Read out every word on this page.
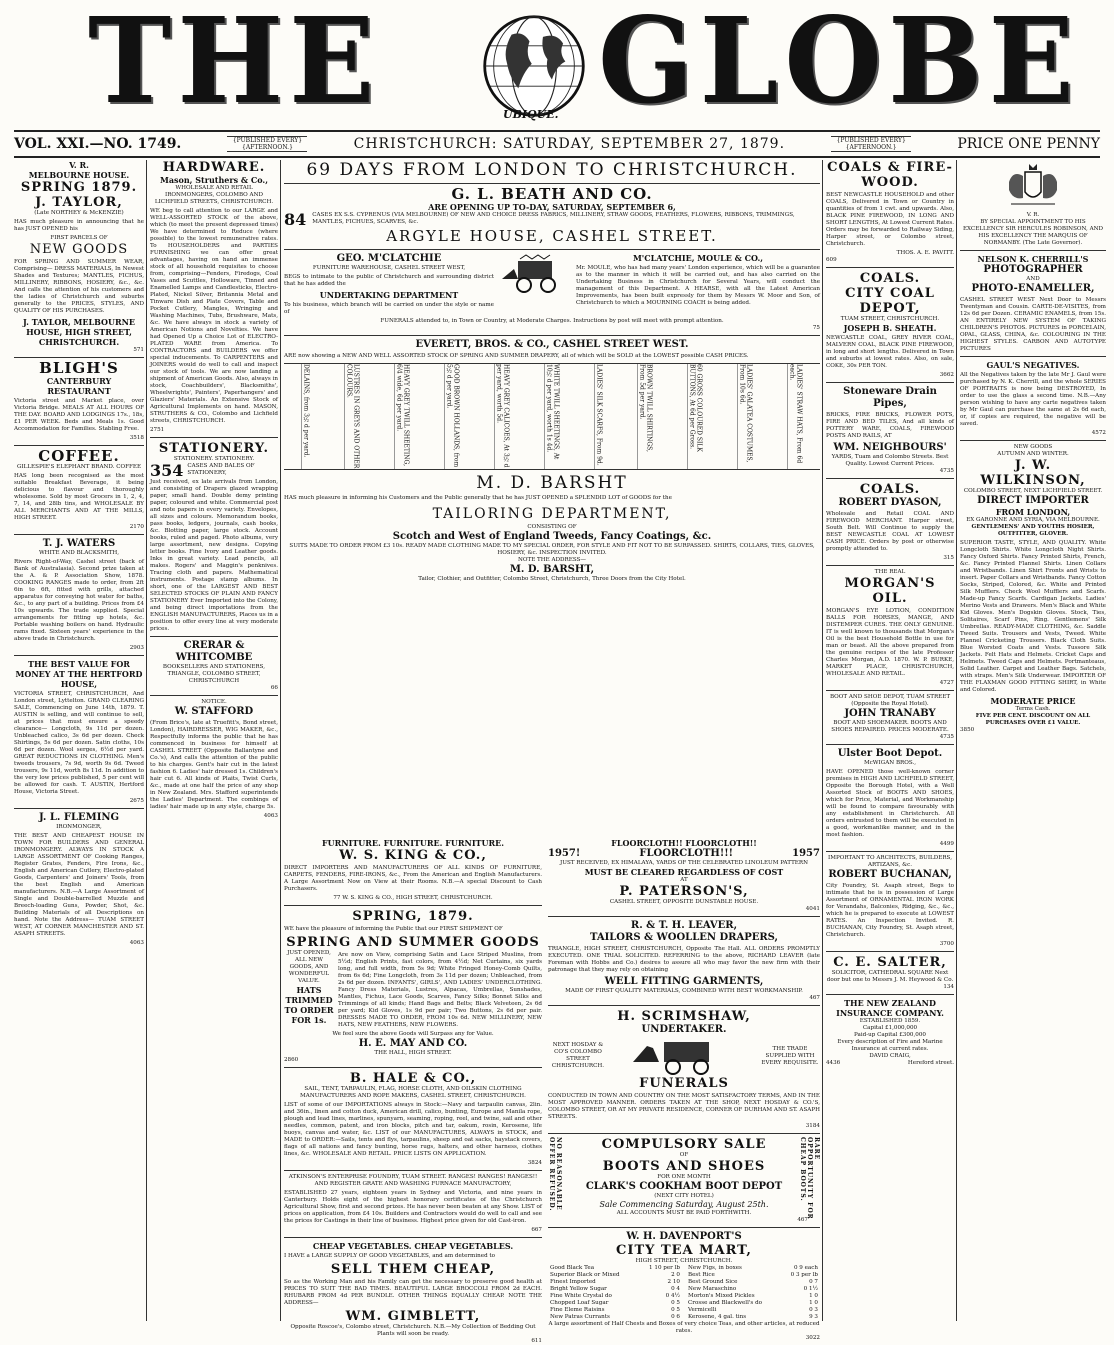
THE	UBIQUE. GLOBE
VOL. XXI.—NO. 1749.	{PUBLISHED EVERY} {AFTERNOON.}	CHRISTCHURCH: SATURDAY, SEPTEMBER 27, 1879.	{PUBLISHED EVERY} {AFTERNOON.}	PRICE ONE PENNY
V. R.
MELBOURNE HOUSE.
SPRING 1879.
J. TAYLOR,
(Late NORTHEY & McKENZIE)
HAS much pleasure in announcing that he has JUST OPENED his
FIRST PARCELS OF
NEW GOODS
FOR SPRING AND SUMMER WEAR, Comprising— DRESS MATERIALS, In Newest Shades and Textures; MANTLES, FICHUS, MILLINERY, RIBBONS, HOSIERY, &c., &c. And calls the attention of his customers and the ladies of Christchurch and suburbs generally to the PRICES, STYLES, AND QUALITY OF HIS PURCHASES.
J. TAYLOR, MELBOURNE HOUSE, HIGH STREET, CHRISTCHURCH.
571
BLIGH'S
CANTERBURY RESTAURANT
Victoria street and Market place, over Victoria Bridge. MEALS AT ALL HOURS OF THE DAY. BOARD AND LODGINGS 17s., 18s, £1 PER WEEK. Beds and Meals 1s. Good Accommodation for Families. Stabling Free.
3518
COFFEE.
GILLESPIE'S ELEPHANT BRAND. COFFEE
HAS long been recognised as the most suitable Breakfast Beverage, it being delicious to flavour and thoroughly wholesome. Sold by most Grocers in 1, 2, 4, 7, 14, and 28lb tins, and WHOLESALE BY ALL MERCHANTS AND AT THE MILLS, HIGH STREET.
2170
T. J. WATERS
WHITE AND BLACKSMITH,
Rivers Right-of-Way, Cashel street (back of Bank of Australasia). Second prize taken at the A. & P. Association Show, 1878. COOKING RANGES made to order, from 2ft 6in to 6ft, fitted with grills, attached apparatus for conveying hot water for baths, &c., to any part of a building. Prices from £4 10s upwards. The trade supplied. Special arrangements for fitting up hotels, &c. Portable washing boilers on hand. Hydraulic rams fixed. Sixteen years' experience in the above trade in Christchurch.
2903
THE BEST VALUE FOR MONEY AT THE HERTFORD HOUSE,
VICTORIA STREET, CHRISTCHURCH, And London street, Lyttelton. GRAND CLEARING SALE, Commencing on June 14th, 1879. T. AUSTIN is selling, and will continue to sell, at prices that must ensure a speedy clearance— Longcloth, 9s 11d per dozen. Unbleached calico, 3s 6d per dozen. Check Shirtings, 5s 6d per dozen. Satin cloths, 10s 6d per dozen. Wool serges, 6½d per yard. GREAT REDUCTIONS IN CLOTHING. Men's tweeds trousers, 7s 9d, worth 9s 6d. Tweed trousers, 9s 11d, worth 8s 11d. In addition to the very low prices published, 5 per cent will be allowed for cash. T. AUSTIN, Hertford House, Victoria Street.
2675
J. L. FLEMING
IRONMONGER,
THE BEST AND CHEAPEST HOUSE IN TOWN FOR BUILDERS AND GENERAL IRONMONGERY. ALWAYS IN STOCK A LARGE ASSORTMENT OF Cooking Ranges, Register Grates, Fenders, Fire Irons, &c., English and American Cutlery, Electro-plated Goods, Carpenters' and Joiners' Tools, from the best English and American manufacturers. N.B.—A Large Assortment of Single and Double-barrelled Muzzle and Breech-loading Guns, Powder, Shot, &c. Building Materials of all Descriptions on hand. Note the Address— TUAM STREET WEST, AT CORNER MANCHESTER AND ST. ASAPH STREETS.
4063
HARDWARE.
Mason, Struthers & Co.,
WHOLESALE AND RETAIL IRONMONGERS, COLOMBO AND LICHFIELD STREETS, CHRISTCHURCH.
WE beg to call attention to our LARGE and WELL-ASSORTED STOCK of the above, which (to meet the present depressed times) We have determined to Reduce (where possible) to the lowest remunerative rates. To HOUSEHOLDERS and PARTIES FURNISHING we can offer great advantages, having on hand an immense stock of all household requisites to choose from, comprising—Fenders, Firedogs, Coal Vases and Scuttles, Holloware, Tinned and Enamelled Lamps and Candlesticks, Electro-Plated, Nickel Silver, Britannia Metal and Tinware Dish and Plate Covers, Table and Pocket Cutlery, Mangles, Wringing and Washing Machines, Tubs, Brushware, Mats, &c. We have always in stock a variety of American Notions and Novelties. We have had Opened Up a Choice Lot of ELECTRO-PLATED WARE from America. To CONTRACTORS and BUILDERS we offer special inducements. To CARPENTERS and JOINERS would do well to call and inspect our stock of tools. We are now landing a shipment of American Goods. Also, always in stock, Coachbuilders', Blacksmiths', Wheelwrights', Painters', Paperhangers' and Glaziers' Materials. An Extensive Stock of Agricultural Implements on hand. MASON, STRUTHERS & CO., Colombo and Lichfield streets, CHRISTCHURCH.
2751
STATIONERY.
STATIONERY. STATIONERY.
354 CASES AND BALES OF STATIONERY,
Just received, ex late arrivals from London, and consisting of Drapers glazed wrapping paper, small hand. Double demy printing paper, coloured and white. Commercial post and note papers in every variety. Envelopes, all sizes and colours. Memorandum books, pass books, ledgers, journals, cash books, &c. Blotting paper, large stock. Account books, ruled and paged. Photo albums, very large assortment, new designs. Copying letter books. Fine Ivory and Leather goods. Inks in great variety. Lead pencils, all makes. Rogers' and Maggin's penknives. Tracing cloth and papers. Mathematical instruments. Postage stamp albums. In short, one of the LARGEST AND BEST SELECTED STOCKS OF PLAIN AND FANCY STATIONERY Ever Imported into the Colony, and being direct importations from the ENGLISH MANUFACTURERS, Places us in a position to offer every line at very moderate prices.
CRERAR & WHITCOMBE
BOOKSELLERS AND STATIONERS, TRIANGLE, COLOMBO STREET, CHRISTCHURCH
66
NOTICE.
W. STAFFORD
(From Brice's, late at Truefitt's, Bond street, London), HAIRDRESSER, WIG MAKER, &c., Respectfully informs the public that he has commenced in business for himself at CASHEL STREET (Opposite Ballantyne and Co.'s), And calls the attention of the public to his charges. Gent's hair cut in the latest fashion 6. Ladies' hair dressed 1s. Children's hair cut 6. All kinds of Plaits, Twist Curls, &c., made at one half the price of any shop in New Zealand. Mrs. Stafford superintends the Ladies' Department. The combings of ladies' hair made up in any style, charge 5s.
4063
69 DAYS FROM LONDON TO CHRISTCHURCH.
G. L. BEATH AND CO.
ARE OPENING UP TO-DAY, SATURDAY, SEPTEMBER 6,
84 CASES EX S.S. CYPRENUS (VIA MELBOURNE) OF NEW AND CHOICE DRESS FABRICS, MILLINERY, STRAW GOODS, FEATHERS, FLOWERS, RIBBONS, TRIMMINGS, MANTLES, FICHUES, SCARVES, &c.
ARGYLE HOUSE, CASHEL STREET.
GEO. M'CLATCHIE
FURNITURE WAREHOUSE, CASHEL STREET WEST,
BEGS to intimate to the public of Christchurch and surrounding district that he has added the
UNDERTAKING DEPARTMENT
To his business, which branch will be carried on under the style or name of
M'CLATCHIE, MOULE & CO.,
Mr. MOULE, who has had many years' London experience, which will be a guarantee as to the manner in which it will be carried out, and has also carried on the Undertaking Business in Christchurch for Several Years, will conduct the management of this Department. A HEARSE, with all the Latest American Improvements, has been built expressly for them by Messrs W. Moor and Son, of Christchurch to which a MOURNING COACH is being added.
FUNERALS attended to, in Town or Country, at Moderate Charges. Instructions by post will meet with prompt attention.
75
EVERETT, BROS. & CO., CASHEL STREET WEST.
ARE now showing a NEW AND WELL ASSORTED STOCK OF SPRING AND SUMMER DRAPERY, all of which will be SOLD at the LOWEST possible CASH PRICES.
DELAINS, from 3½d per yard.	LUSTRES IN GREYS AND OTHER COLOURS.	HEAVY GREY TWILL SHEETING, 6/4 wide, 6d per yard.	GOOD BROWN HOLLANDS, from 5½d per yard.	HEAVY GREY CALICOES, At 3½d per yard, worth 5d.	WHITE TWILL SHEETINGS, At 10½d per yard, worth 1s 4d.	LADIES' SILK SCARFS, From 9d.	BROWN TWILL SHIRTINGS, From 5d per yard.	60 GROSS COLOURED SILK BUTTONS, At 6d per Gross.	LADIES' GALATEA COSTUMES, From 10s 6d.	LADIES' STRAW HATS, From 6d each.
M. D. BARSHT
HAS much pleasure in informing his Customers and the Public generally that he has JUST OPENED a SPLENDID LOT of GOODS for the
TAILORING DEPARTMENT,
CONSISTING OF
Scotch and West of England Tweeds, Fancy Coatings, &c.
SUITS MADE TO ORDER FROM £3 10s. READY MADE CLOTHING MADE TO MY SPECIAL ORDER, FOR STYLE AND FIT NOT TO BE SURPASSED. SHIRTS, COLLARS, TIES, GLOVES, HOSIERY, &c. INSPECTION INVITED.
NOTE THE ADDRESS—
M. D. BARSHT,
Tailor, Clothier, and Outfitter, Colombo Street, Christchurch, Three Doors from the City Hotel.
FURNITURE. FURNITURE. FURNITURE.
W. S. KING & CO.,
DIRECT IMPORTERS AND MANUFACTURERS OF ALL KINDS OF FURNITURE, CARPETS, FENDERS, FIRE-IRONS, &c., From the American and English Manufacturers. A Large Assortment Now on View at their Rooms. N.B.—A special Discount to Cash Purchasers.
77 W. S. KING & CO., HIGH STREET, CHRISTCHURCH.
SPRING, 1879.
WE have the pleasure of informing the Public that our FIRST SHIPMENT OF
SPRING AND SUMMER GOODS
JUST OPENED, ALL NEW GOODS, AND WONDERFUL VALUE.
HATS TRIMMED TO ORDER FOR 1s.
Are now on View, comprising Satin and Lace Striped Muslins, from 5½d; English Prints, fast colors, from 4½d; Net Curtains, six yards long, and full width, from 5s 9d; White Fringed Honey-Comb Quilts, from 6s 6d; Fine Longcloth, from 3s 11d per dozen; Unbleached, from 2s 6d per dozen. INFANTS', GIRLS', AND LADIES' UNDERCLOTHING. Fancy Dress Materials, Lustres, Alpacas, Umbrellas, Sunshades, Mantles, Fichus, Lace Goods, Scarves, Fancy Silks; Bonnet Silks and Trimmings of all kinds; Hand Bags and Belts; Black Velveteen, 2s 6d per yard; Kid Gloves, 1s 9d per pair; Two Buttons, 2s 6d per pair. DRESSES MADE TO ORDER, FROM 10s 6d. NEW MILLINERY, NEW HATS, NEW FEATHERS, NEW FLOWERS.
We feel sure the above Goods will Surpass any for Value.
H. E. MAY AND CO.
THE HALL, HIGH STREET.
2860
B. HALE & CO.,
SAIL, TENT, TARPAULIN, FLAG, HORSE CLOTH, AND OILSKIN CLOTHING MANUFACTURERS AND ROPE MAKERS, CASHEL STREET, CHRISTCHURCH.
LIST of some of our IMPORTATIONS always in Stock:—Navy and tarpaulin canvas, 2lin. and 36in., linen and cotton duck, American drill, calico, bunting, Europe and Manila rope, plough and lead lines, marlines, spunyarn, seaming, roping, reel, and twine, sail and other needles, common, patent, and iron blocks, pitch and tar, oakum, rosin, Kerosene, life buoys, canvas and water, &c. LIST of our MANUFACTURES, ALWAYS in STOCK, and MADE to ORDER:—Sails, tents and flys, tarpaulins, sheep and oat sacks, haystack covers, flags of all nations and fancy bunting, horse rugs, halters, and other harness, clothes lines, &c. WHOLESALE AND RETAIL. PRICE LISTS ON APPLICATION.
3824
ATKINSON'S ENTERPRISE FOUNDRY, TUAM STREET. RANGES! RANGES! RANGES!! AND REGISTER GRATE AND WASHING FURNACE MANUFACTORY,
ESTABLISHED 27 years, eighteen years in Sydney and Victoria, and nine years in Canterbury. Holds eight of the highest honorary certificates of the Christchurch Agricultural Show, first and second prizes. He has never been beaten at any Show. LIST of prices on application, from £4 10s. Builders and Contractors would do well to call and see the prices for Castings in their line of business. Highest price given for old Cast-iron.
667
CHEAP VEGETABLES. CHEAP VEGETABLES.
I HAVE a LARGE SUPPLY OF GOOD VEGETABLES, and am determined to
SELL THEM CHEAP,
So as the Working Man and his Family can get the necessary to preserve good health at PRICES TO SUIT THE BAD TIMES. BEAUTIFUL LARGE BROCCOLI FROM 2d EACH. RHUBARB FROM 4d PER BUNDLE. OTHER THINGS EQUALLY CHEAP. NOTE THE ADDRESS—
WM. GIMBLETT,
Opposite Roscoe's, Colombo street, Christchurch. N.B.—My Collection of Bedding Out Plants will soon be ready.
611
FLOORCLOTH!! FLOORCLOTH!!
1957!	FLOORCLOTH!!!	1957
JUST RECEIVED, EX HIMALAYA, YARDS OF THE CELEBRATED LINOLEUM PATTERN
MUST BE CLEARED REGARDLESS OF COST
AT
P. PATERSON'S,
CASHEL STREET, OPPOSITE DUNSTABLE HOUSE.
4041
R. & T. H. LEAVER,
TAILORS & WOOLLEN DRAPERS,
TRIANGLE, HIGH STREET, CHRISTCHURCH, Opposite The Hall. ALL ORDERS PROMPTLY EXECUTED. ONE TRIAL SOLICITED. REFERRING to the above, RICHARD LEAVER (late Foreman with Hobbs and Co.) desires to assure all who may favor the new firm with their patronage that they may rely on obtaining
WELL FITTING GARMENTS,
MADE OF FIRST QUALITY MATERIALS, COMBINED WITH BEST WORKMANSHIP.
467
H. SCRIMSHAW,
UNDERTAKER.
NEXT HOSDAY & CO'S COLOMBO STREET CHRISTCHURCH.
THE TRADE SUPPLIED WITH EVERY REQUISITE.
FUNERALS
CONDUCTED IN TOWN AND COUNTRY ON THE MOST SATISFACTORY TERMS, AND IN THE MOST APPROVED MANNER. ORDERS TAKEN AT THE SHOP, NEXT HOSDAY & CO.'S, COLOMBO STREET, OR AT MY PRIVATE RESIDENCE, CORNER OF DURHAM AND ST. ASAPH STREETS.
3184
NO REASONABLE OFFER REFUSED.	RARE OPPORTUNITY FOR CHEAP BOOTS.
COMPULSORY SALE
OF
BOOTS AND SHOES
FOR ONE MONTH
CLARK'S COOKHAM BOOT DEPOT
(NEXT CITY HOTEL)
Sale Commencing Saturday, August 25th.
ALL ACCOUNTS MUST BE PAID FORTHWITH.
467
W. H. DAVENPORT'S
CITY TEA MART,
HIGH STREET, CHRISTCHURCH.
Good Black Tea	1 10 per lb
Superior Black or Mixed	2 0
Finest Imported	2 10
Bright Yellow Sugar	0 4
Fine White Crystal do	0 4½
Chopped Loaf Sugar	0 5
Fine Eleme Raisins	0 5
New Patras Currants	0 6
New Figs, in boxes	0 9 each
Best Rice	0 3 per lb
Best Ground Sice	0 7
New Maraschino	0 1½
Morton's Mixed Pickles	1 0
Crosse and Blackwell's do	1 0
Vermicelli	0 3
Kerosene, 4 gal. tins	9 3
A large assortment of Half Chests and Boxes of very choice Teas, and other articles, at reduced rates.
3022
COALS & FIRE-WOOD.
BEST NEWCASTLE HOUSEHOLD and other COALS, Delivered in Town or Country in quantities of from 1 cwt. and upwards. Also, BLACK PINE FIREWOOD, IN LONG AND SHORT LENGTHS, At Lowest Current Rates. Orders may be forwarded to Railway Siding, Harper street, or Colombo street, Christchurch.
THOS. A. E. PAVITT.
609
COALS.
CITY COAL DEPOT,
TUAM STREET, CHRISTCHURCH.
JOSEPH B. SHEATH.
NEWCASTLE COAL, GREY RIVER COAL, MALVERN COAL, BLACK PINE FIREWOOD, in long and short lengths. Delivered in Town and suburbs at lowest rates. Also, on sale, COKE, 30s PER TON.
3662
Stoneware Drain Pipes,
BRICKS, FIRE BRICKS, FLOWER POTS, FIRE AND BED TILES, And all kinds of POTTERY WARE, COALS, FIREWOOD POSTS AND RAILS, AT
WM. NEIGHBOURS'
YARDS, Tuam and Colombo Streets. Best Quality. Lowest Current Prices.
4735
COALS.
ROBERT DYASON,
Wholesale and Retail COAL AND FIREWOOD MERCHANT. Harper street, South Belt. Will Continue to supply the BEST NEWCASTLE COAL AT LOWEST CASH PRICE. Orders by post or otherwise promptly attended to.
315
THE REAL
MORGAN'S OIL.
MORGAN'S EYE LOTION, CONDITION BALLS FOR HORSES, MANGE, AND DISTEMPER CURES. THE ONLY GENUINE. IT is well known to thousands that Morgan's Oil is the best Household Bottle in use for man or beast. All the above prepared from the genuine recipes of the late Professor Charles Morgan, A.D. 1870. W. P. BURKE, MARKET PLACE, CHRISTCHURCH, WHOLESALE AND RETAIL.
4727
BOOT AND SHOE DEPOT, TUAM STREET (Opposite the Royal Hotel).
JOHN TRANABY
BOOT AND SHOEMAKER. BOOTS AND SHOES REPAIRED. PRICES MODERATE.
4735
Ulster Boot Depot.
McWIGAN BROS.,
HAVE OPENED those well-known corner premises in HIGH AND LICHFIELD STREET, Opposite the Borough Hotel, with a Well Assorted Stock of BOOTS AND SHOES, which for Price, Material, and Workmanship will be found to compare favourably with any establishment in Christchurch. All orders entrusted to them will be executed in a good, workmanlike manner, and in the most fashion.
4499
IMPORTANT TO ARCHITECTS, BUILDERS, ARTIZANS, &c.
ROBERT BUCHANAN,
City Foundry, St. Asaph street, Begs to intimate that he is in possession of Large Assortment of ORNAMENTAL IRON WORK for Verandahs, Balconies, Ridging, &c., &c., which he is prepared to execute at LOWEST RATES. An Inspection Invited. R. BUCHANAN, City Foundry, St. Asaph street, Christchurch.
3700
C. E. SALTER,
SOLICITOR, CATHEDRAL SQUARE Next door but one to Messrs J. M. Heywood & Co.
134
THE NEW ZEALAND INSURANCE COMPANY.
ESTABLISHED 1859.
Capital £1,000,000
Paid-up Capital £300,000
Every description of Fire and Marine Insurance at current rates.
DAVID CRAIG,
4436	Hereford street.
V. R.
BY SPECIAL APPOINTMENT TO HIS EXCELLENCY SIR HERCULES ROBINSON, AND HIS EXCELLENCY THE MARQUIS OF NORMANBY. (The Late Governor).
NELSON K. CHERRILL'S
PHOTOGRAPHER
AND
PHOTO-ENAMELLER,
CASHEL STREET WEST Next Door to Messrs Twentyman and Cousin. CARTE-DE-VISITES, from 12s 6d per Dozen. CERAMIC ENAMELS, from 15s. AN ENTIRELY NEW SYSTEM OF TAKING CHILDREN'S PHOTOS. PICTURES in PORCELAIN, OPAL, GLASS, CHINA, &c. COLOURING IN THE HIGHEST STYLES. CARBON AND AUTOTYPE PICTURES
GAUL'S NEGATIVES.
All the Negatives taken by the late Mr J. Gaul were purchased by N. K. Cherrill, and the whole SERIES OF PORTRAITS is now being DESTROYED, In order to use the glass a second time. N.B.—Any person wishing to have any carte negatives taken by Mr Gaul can purchase the same at 2s 6d each, or, if copies are required, the negative will be saved.
4572
NEW GOODS
AUTUMN AND WINTER.
J. W. WILKINSON,
COLOMBO STREET, NEXT LICHFIELD STREET.
DIRECT IMPORTER
FROM LONDON,
EX GARONNE AND SYRIA, VIA MELBOURNE.
GENTLEMENS' AND YOUTHS HOSIER, OUTFITTER, GLOVER.
SUPERIOR TASTE, STYLE, AND QUALITY. White Longcloth Shirts. White Longcloth Night Shirts. Fancy Oxford Shirts. Fancy Printed Shirts, French, &c. Fancy Printed Flannel Shirts. Linen Collars and Wristbands. Linen Shirt Fronts and Wrists to insert. Paper Collars and Wristbands. Fancy Cotton Socks, Striped, Colored, &c. White and Printed Silk Mufflers. Check Wool Mufflers and Scarfs. Made-up Fancy Scarfs. Cardigan Jackets. Ladies' Merino Vests and Drawers. Men's Black and White Kid Gloves. Men's Dogskin Gloves. Stock, Ties, Solitaires, Scarf Pins, Ring. Gentlemens' Silk Umbrellas. READY-MADE CLOTHING, &c. Saddle Tweed Suits. Trousers and Vests, Tweed. White Flannel Cricketing Trousers. Black Cloth Suits. Blue Worsted Coats and Vests. Tussore Silk Jackets. Felt Hats and Helmets. Cricket Caps and Helmets. Tweed Caps and Helmets. Portmanteaus, Solid Leather. Carpet and Leather Bags. Satchels, with straps. Men's Silk Underwear. IMPORTER OF THE FLAXMAN GOOD FITTING SHIRT, in White and Colored.
MODERATE PRICE
Terms Cash.
FIVE PER CENT. DISCOUNT ON ALL PURCHASES OVER £1 VALUE.
3850
